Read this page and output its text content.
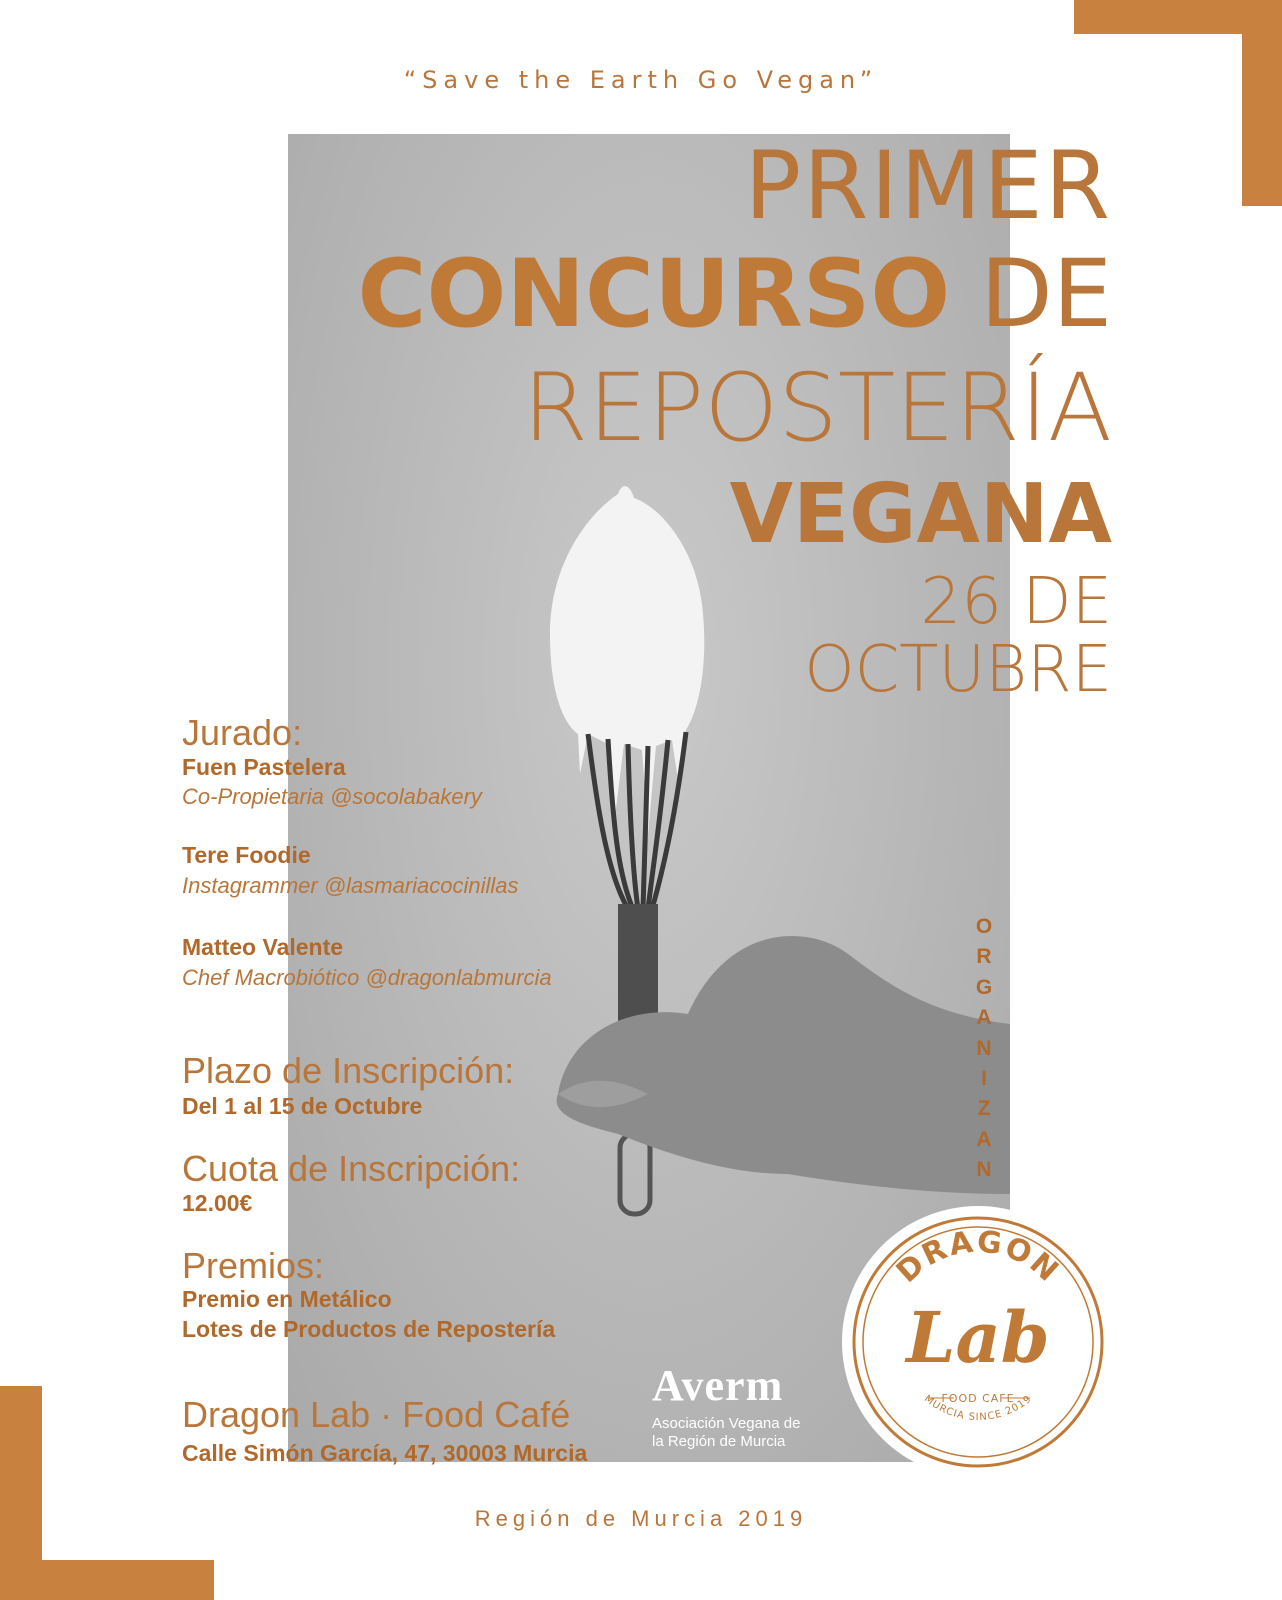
“Save the Earth Go Vegan”
PRIMER
CONCURSO DE
REPOSTERÍA
VEGANA
26 DE
OCTUBRE
Jurado:
Fuen Pastelera
Co-Propietaria @socolabakery
Tere Foodie
Instagrammer @lasmariacocinillas
Matteo Valente
Chef Macrobiótico @dragonlabmurcia
Plazo de Inscripción:
Del 1 al 15 de Octubre
Cuota de Inscripción:
12.00€
Premios:
Premio en Metálico
Lotes de Productos de Repostería
Dragon Lab · Food Café
Calle Simón García, 47, 30003 Murcia
O
R
G
A
N
I
Z
A
N
Averm
Asociación Vegana de
la Región de Murcia
DRAGON
FOOD CAFE
MURCIA SINCE 2019
Lab
Región de Murcia 2019
